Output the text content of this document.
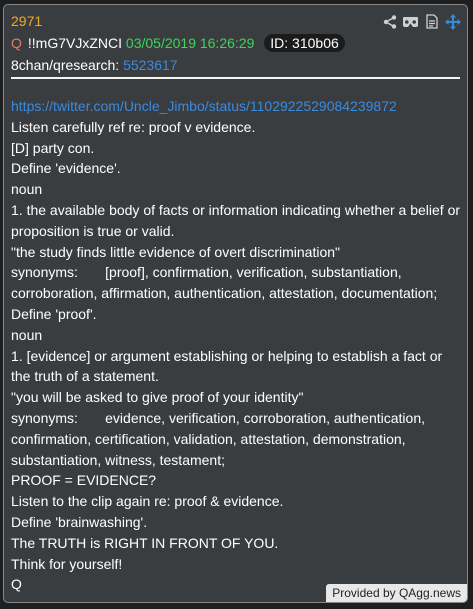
2971
Q !!mG7VJxZNCI 03/05/2019 16:26:29 ID: 310b06
8chan/qresearch: 5523617
https://twitter.com/Uncle_Jimbo/status/1102922529084239872
Listen carefully ref re: proof v evidence.
[D] party con.
Define 'evidence'.
noun
1. the available body of facts or information indicating whether a belief or proposition is true or valid.
"the study finds little evidence of overt discrimination"
synonyms:       [proof], confirmation, verification, substantiation, corroboration, affirmation, authentication, attestation, documentation;
Define 'proof'.
noun
1. [evidence] or argument establishing or helping to establish a fact or the truth of a statement.
"you will be asked to give proof of your identity"
synonyms:       evidence, verification, corroboration, authentication, confirmation, certification, validation, attestation, demonstration, substantiation, witness, testament;
PROOF = EVIDENCE?
Listen to the clip again re: proof & evidence.
Define 'brainwashing'.
The TRUTH is RIGHT IN FRONT OF YOU.
Think for yourself!
Q
Provided by QAgg.news
